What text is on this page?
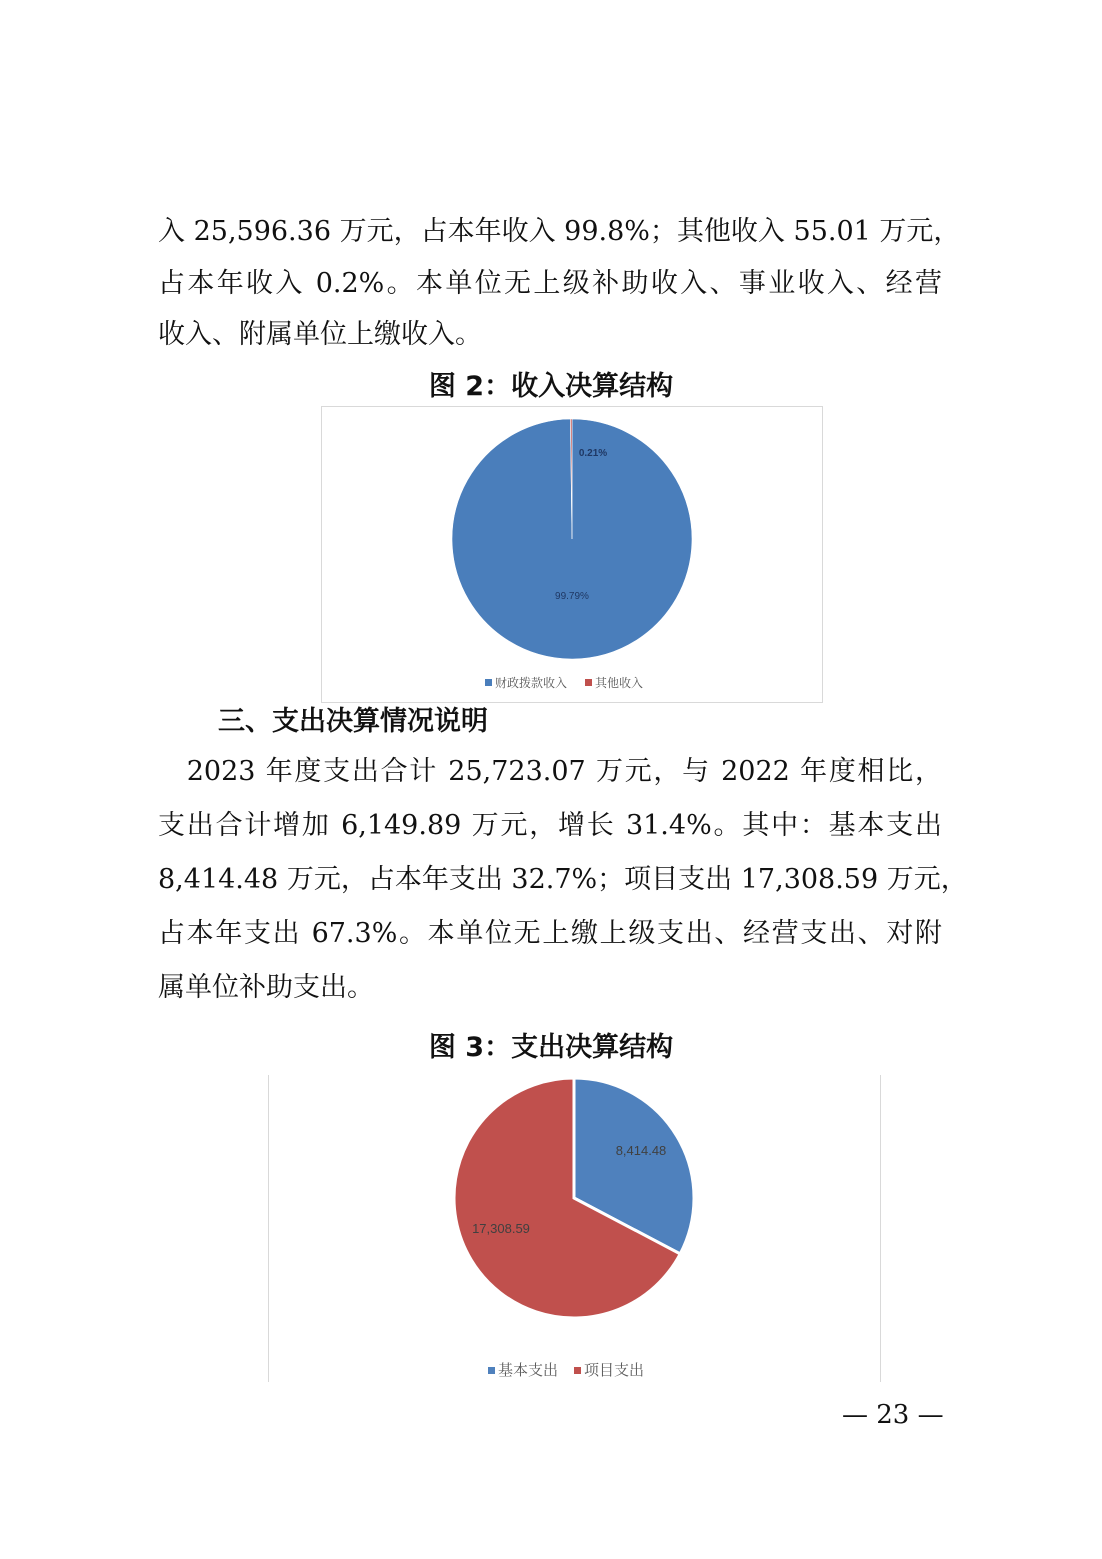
入 25,596.36 万元，占本年收入 99.8%；其他收入 55.01 万元，
占本年收入 0.2%。本单位无上级补助收入、事业收入、经营
收入、附属单位上缴收入。
图 2：收入决算结构
99.79%
0.21%
财政拨款收入 其他收入
三、支出决算情况说明
　2023 年度支出合计 25,723.07 万元，与 2022 年度相比，
支出合计增加 6,149.89 万元，增长 31.4%。其中：基本支出
8,414.48 万元，占本年支出 32.7%；项目支出 17,308.59 万元，
占本年支出 67.3%。本单位无上缴上级支出、经营支出、对附
属单位补助支出。
图 3：支出决算结构
8,414.48
17,308.59
基本支出 项目支出
— 23 —
